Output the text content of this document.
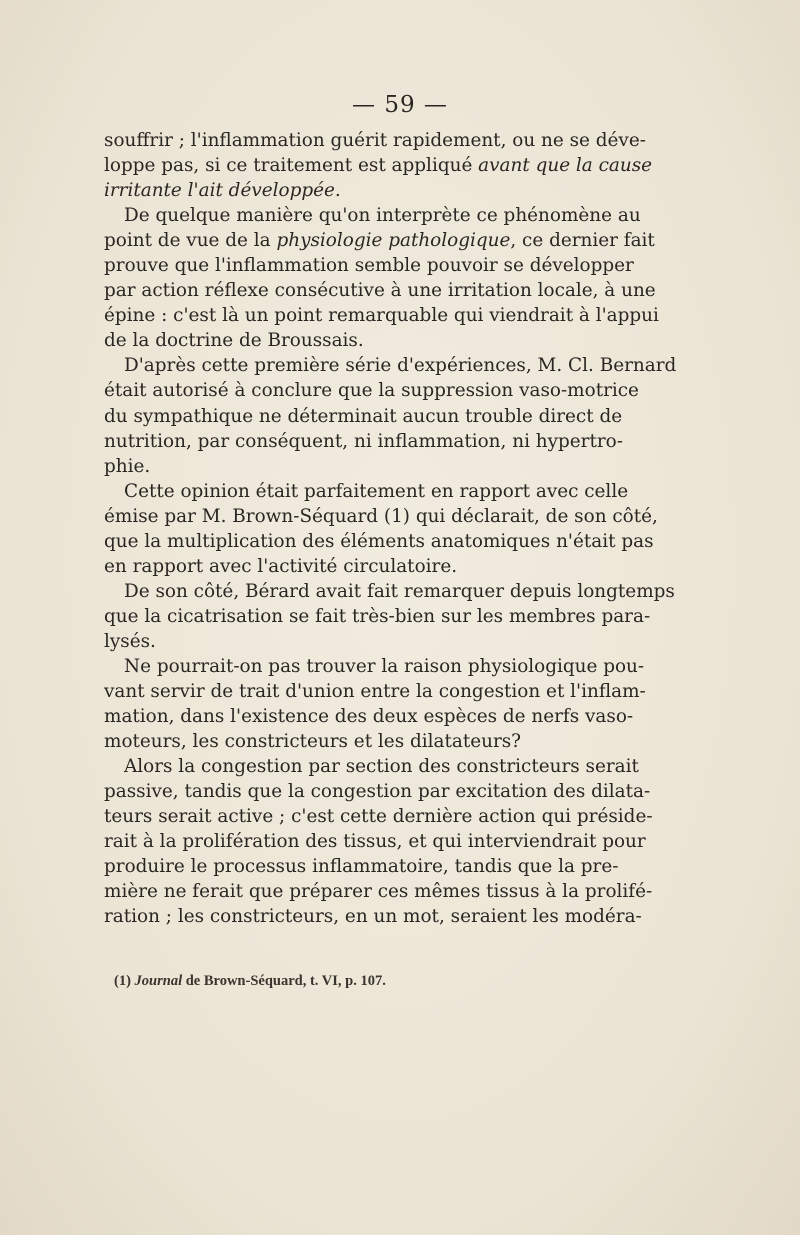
— 59 —
souffrir ; l'inflammation guérit rapidement, ou ne se déve-
loppe pas, si ce traitement est appliqué avant que la cause
irritante l'ait développée.
De quelque manière qu'on interprète ce phénomène au
point de vue de la physiologie pathologique, ce dernier fait
prouve que l'inflammation semble pouvoir se développer
par action réflexe consécutive à une irritation locale, à une
épine : c'est là un point remarquable qui viendrait à l'appui
de la doctrine de Broussais.
D'après cette première série d'expériences, M. Cl. Bernard
était autorisé à conclure que la suppression vaso-motrice
du sympathique ne déterminait aucun trouble direct de
nutrition, par conséquent, ni inflammation, ni hypertro-
phie.
Cette opinion était parfaitement en rapport avec celle
émise par M. Brown-Séquard (1) qui déclarait, de son côté,
que la multiplication des éléments anatomiques n'était pas
en rapport avec l'activité circulatoire.
De son côté, Bérard avait fait remarquer depuis longtemps
que la cicatrisation se fait très-bien sur les membres para-
lysés.
Ne pourrait-on pas trouver la raison physiologique pou-
vant servir de trait d'union entre la congestion et l'inflam-
mation, dans l'existence des deux espèces de nerfs vaso-
moteurs, les constricteurs et les dilatateurs?
Alors la congestion par section des constricteurs serait
passive, tandis que la congestion par excitation des dilata-
teurs serait active ; c'est cette dernière action qui préside-
rait à la prolifération des tissus, et qui interviendrait pour
produire le processus inflammatoire, tandis que la pre-
mière ne ferait que préparer ces mêmes tissus à la prolifé-
ration ; les constricteurs, en un mot, seraient les modéra-
(1) Journal de Brown-Séquard, t. VI, p. 107.
